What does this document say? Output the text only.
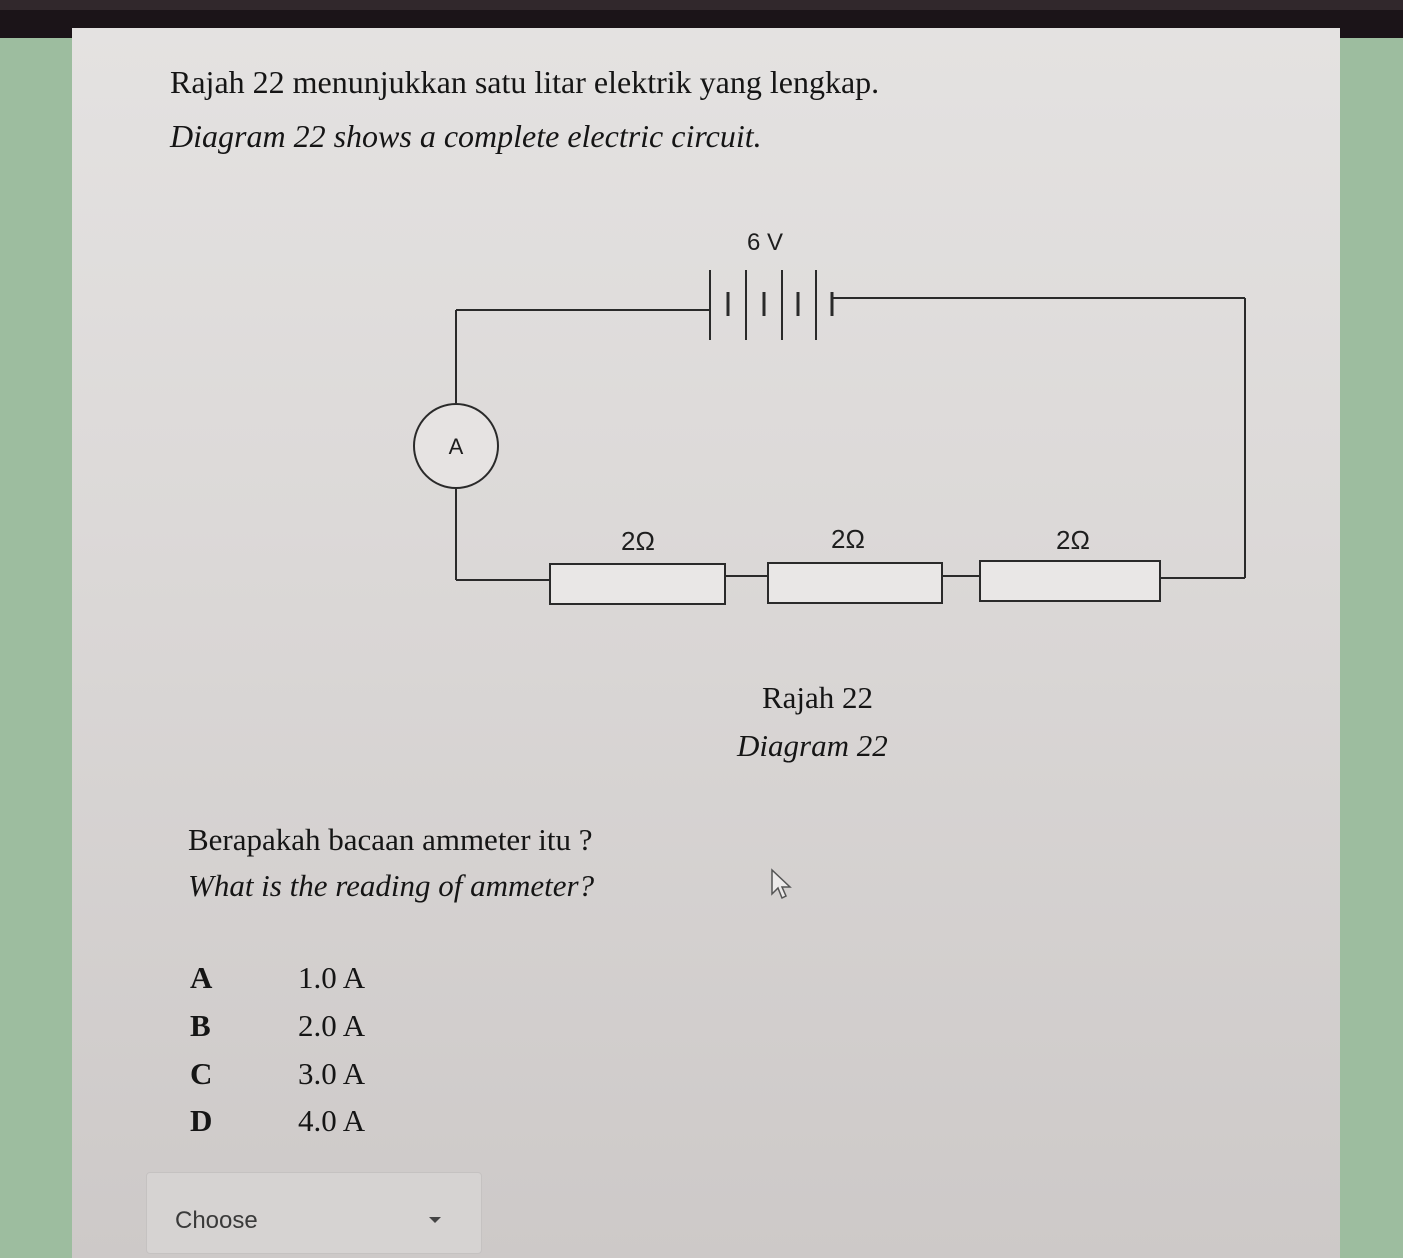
Rajah 22 menunjukkan satu litar elektrik yang lengkap.
Diagram 22 shows a complete electric circuit.
6 V
A
2Ω	2Ω	2Ω
Rajah 22
Diagram 22
Berapakah bacaan ammeter itu ?
What is the reading of ammeter?
A	1.0 A
B	2.0 A
C	3.0 A
D	4.0 A
Choose
